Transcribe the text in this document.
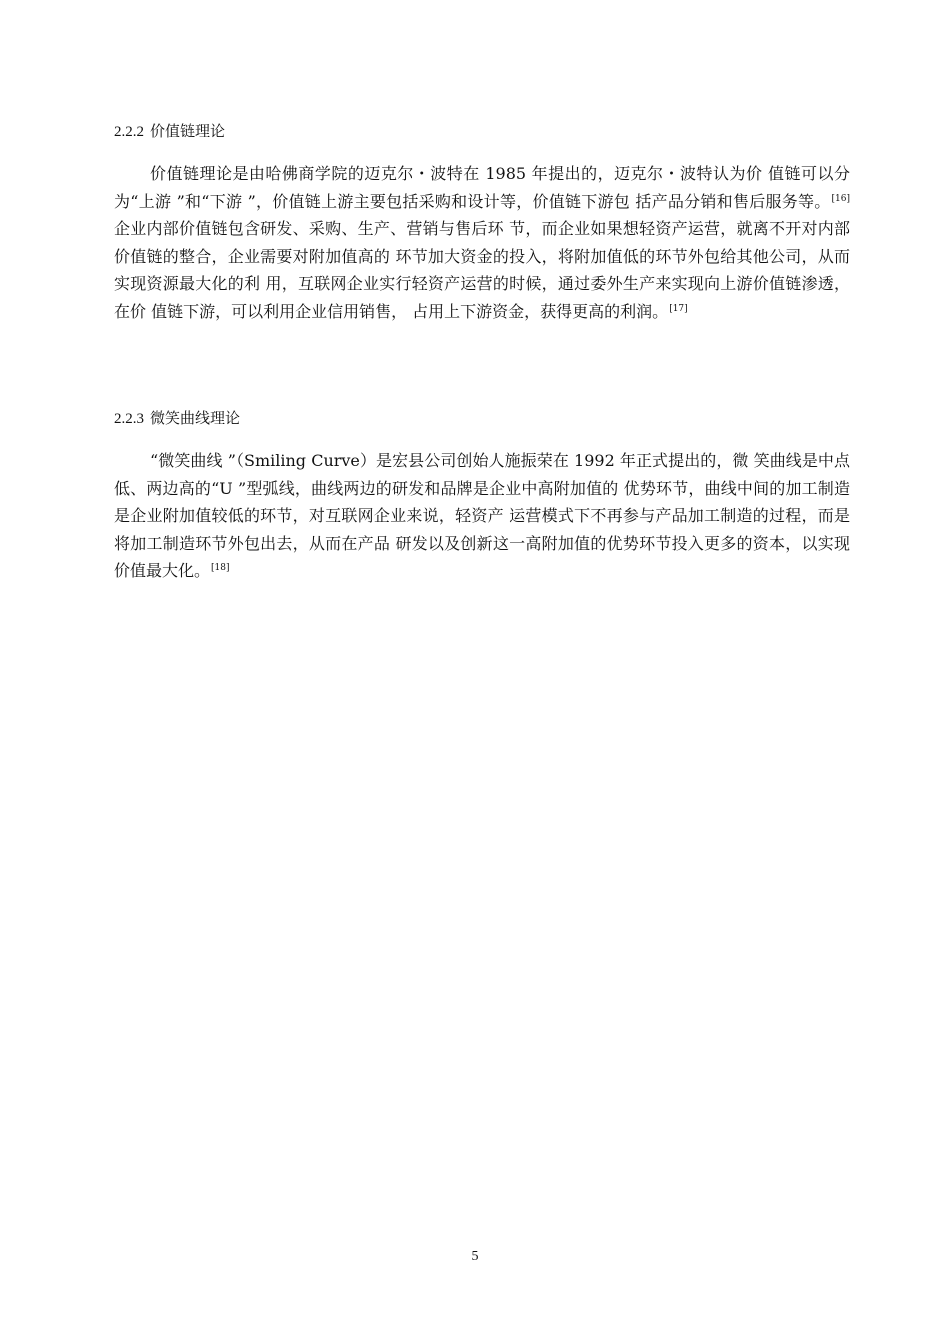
2.2.2 价值链理论

价值链理论是由哈佛商学院的迈克尔・波特在 1985 年提出的，迈克尔・波特认为价 值链可以分为“上游 ”和“下游 ”，价值链上游主要包括采购和设计等，价值链下游包 括产品分销和售后服务等。[16]企业内部价值链包含研发、采购、生产、营销与售后环 节，而企业如果想轻资产运营，就离不开对内部价值链的整合，企业需要对附加值高的 环节加大资金的投入，将附加值低的环节外包给其他公司，从而实现资源最大化的利 用，互联网企业实行轻资产运营的时候，通过委外生产来实现向上游价值链渗透，在价 值链下游，可以利用企业信用销售， 占用上下游资金，获得更高的利润。[17]

2.2.3 微笑曲线理论

“微笑曲线 ”（Smiling Curve）是宏县公司创始人施振荣在 1992 年正式提出的，微 笑曲线是中点低、两边高的“U ”型弧线，曲线两边的研发和品牌是企业中高附加值的 优势环节，曲线中间的加工制造是企业附加值较低的环节，对互联网企业来说，轻资产 运营模式下不再参与产品加工制造的过程，而是将加工制造环节外包出去，从而在产品 研发以及创新这一高附加值的优势环节投入更多的资本，以实现价值最大化。[18]

5
